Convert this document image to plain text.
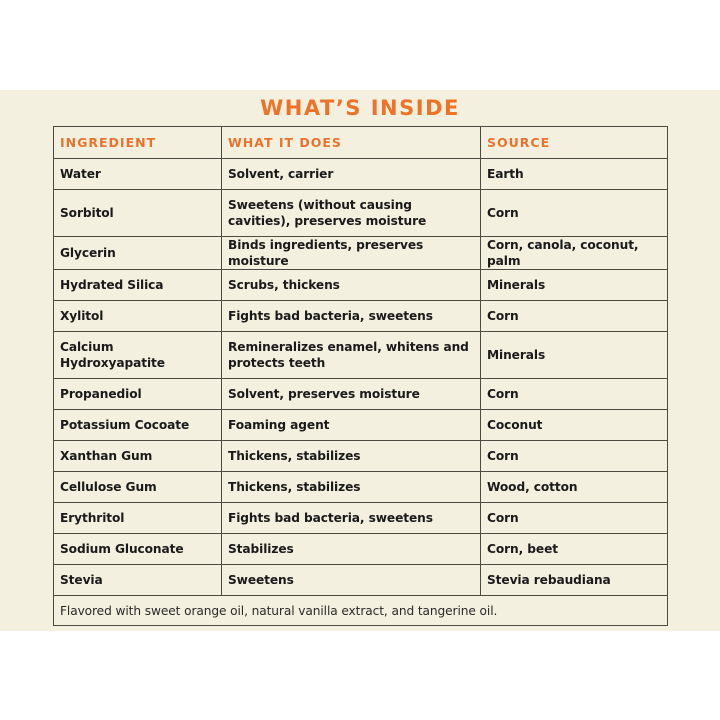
WHAT’S INSIDE
INGREDIENT	WHAT IT DOES	SOURCE
Water	Solvent, carrier	Earth
Sorbitol	Sweetens (without causing cavities), preserves moisture	Corn
Glycerin	Binds ingredients, preserves moisture	Corn, canola, coconut, palm
Hydrated Silica	Scrubs, thickens	Minerals
Xylitol	Fights bad bacteria, sweetens	Corn
Calcium Hydroxyapatite	Remineralizes enamel, whitens and protects teeth	Minerals
Propanediol	Solvent, preserves moisture	Corn
Potassium Cocoate	Foaming agent	Coconut
Xanthan Gum	Thickens, stabilizes	Corn
Cellulose Gum	Thickens, stabilizes	Wood, cotton
Erythritol	Fights bad bacteria, sweetens	Corn
Sodium Gluconate	Stabilizes	Corn, beet
Stevia	Sweetens	Stevia rebaudiana
Flavored with sweet orange oil, natural vanilla extract, and tangerine oil.		
